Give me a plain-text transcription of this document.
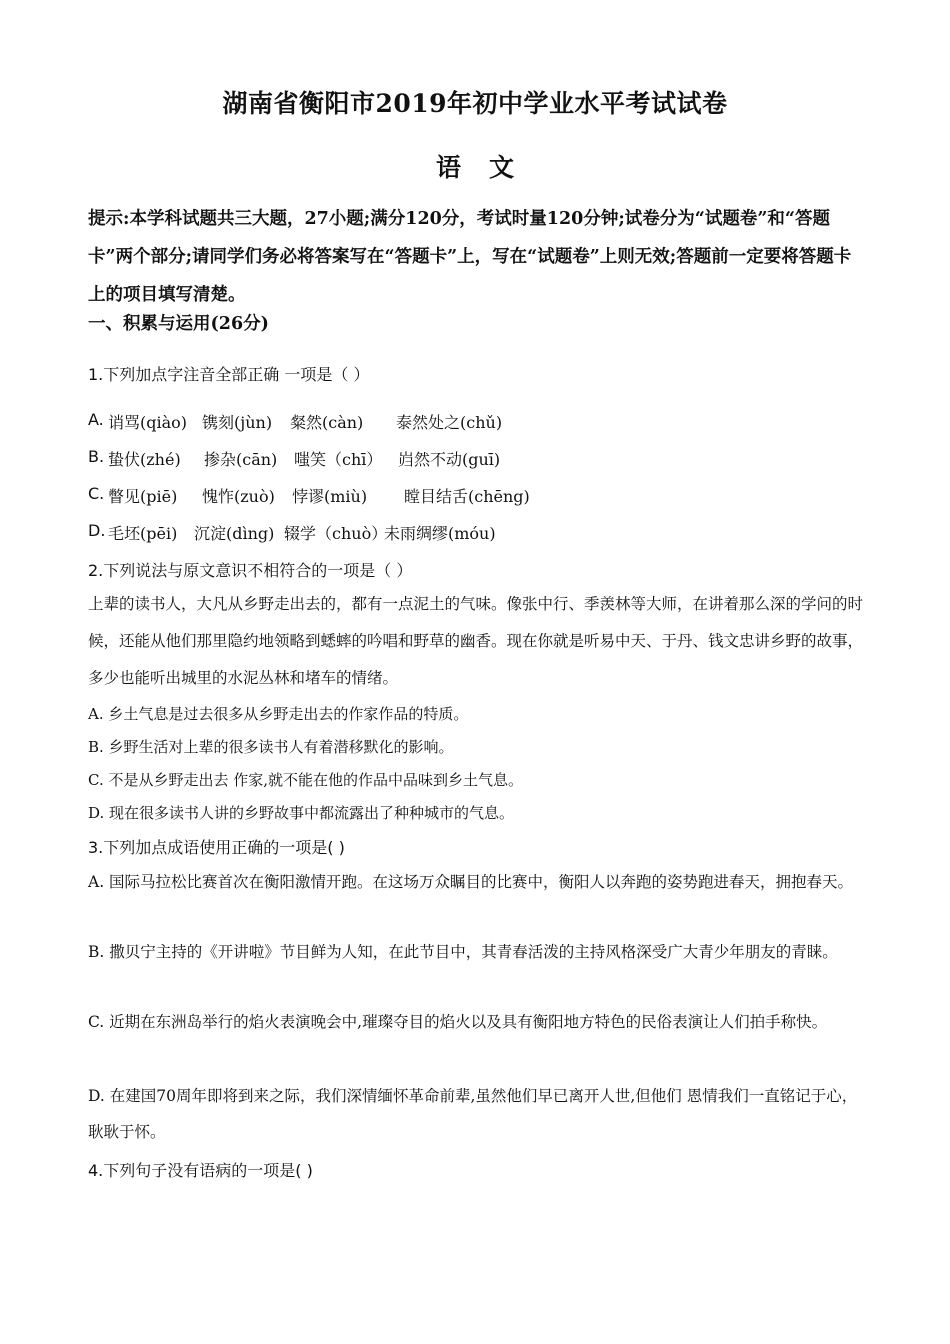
湖南省衡阳市2019年初中学业水平考试试卷
语 文
提示:本学科试题共三大题，27小题;满分120分，考试时量120分钟;试卷分为“试题卷”和“答题卡”两个部分;请同学们务必将答案写在“答题卡”上，写在“试题卷”上则无效;答题前一定要将答题卡上的项目填写清楚。
一、积累与运用(26分)
1.下列加点字注音全部正确 一项是（ ）
A. 诮骂(qiào) 镌刻(jùn) 粲然(càn) 泰然处之(chǔ)
B. 蛰伏(zhé) 掺杂(cān) 嗤笑（chī） 岿然不动(guī)
C. 瞥见(piē) 愧怍(zuò) 悖谬(miù) 瞠目结舌(chēng)
D. 毛坯(pēi) 沉淀(dìng) 辍学（chuò）
未雨绸缪(móu)
2.下列说法与原文意识不相符合的一项是（ ）
上辈的读书人，大凡从乡野走出去的，都有一点泥土的气味。像张中行、季羡林等大师，在讲着那么深的学问的时候，还能从他们那里隐约地领略到蟋蟀的吟唱和野草的幽香。现在你就是听易中天、于丹、钱文忠讲乡野的故事，多少也能听出城里的水泥丛林和堵车的情绪。
A. 乡土气息是过去很多从乡野走出去的作家作品的特质。
B. 乡野生活对上辈的很多读书人有着潜移默化的影响。
C. 不是从乡野走出去 作家,就不能在他的作品中品味到乡土气息。
D. 现在很多读书人讲的乡野故事中都流露出了种种城市的气息。
3.下列加点成语使用正确的一项是( )
A. 国际马拉松比赛首次在衡阳激情开跑。在这场万众瞩目的比赛中，衡阳人以奔跑的姿势跑进春天，拥抱春天。
B. 撒贝宁主持的《开讲啦》节目鲜为人知，在此节目中，其青春活泼的主持风格深受广大青少年朋友的青睐。
C. 近期在东洲岛举行的焰火表演晚会中,璀璨夺目的焰火以及具有衡阳地方特色的民俗表演让人们拍手称快。
D. 在建国70周年即将到来之际，我们深情缅怀革命前辈,虽然他们早已离开人世,但他们 恩情我们一直铭记于心，耿耿于怀。
4.下列句子没有语病的一项是( )
